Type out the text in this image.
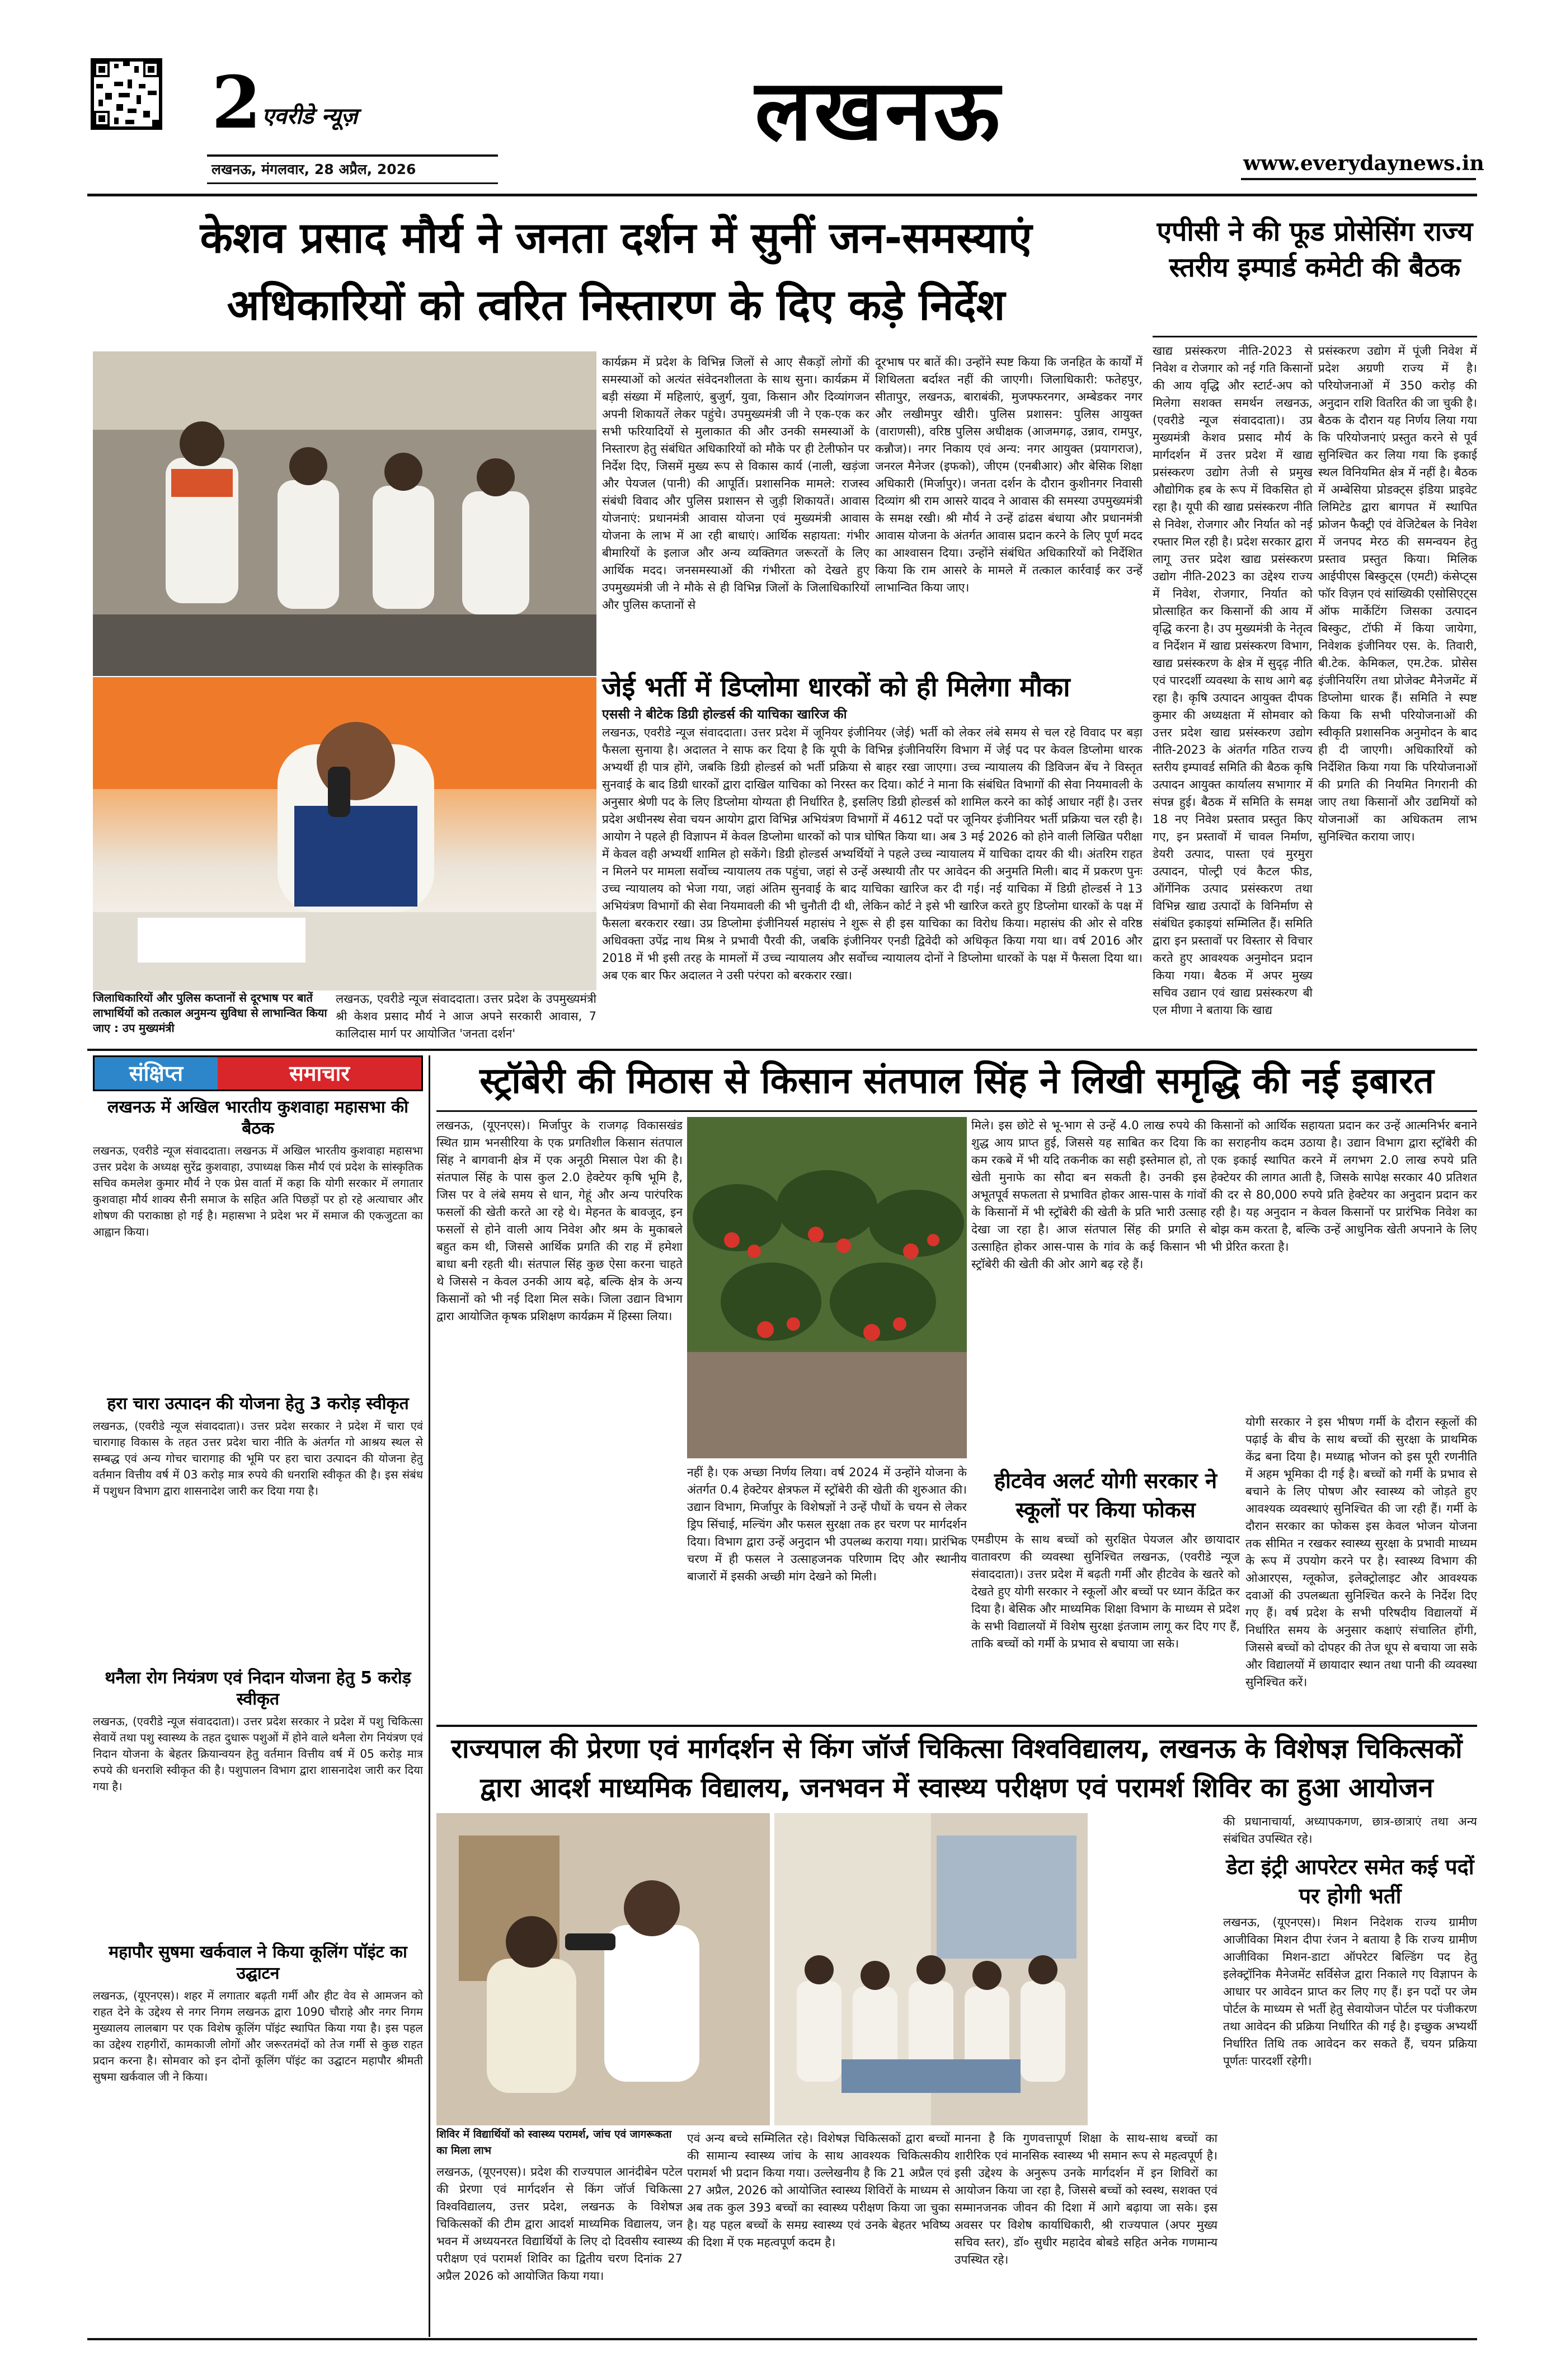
2 एवरीडे न्यूज़
लखनऊ, मंगलवार, 28 अप्रैल, 2026
लखनऊ
www.everydaynews.in
केशव प्रसाद मौर्य ने जनता दर्शन में सुनीं जन-समस्याएं
अधिकारियों को त्वरित निस्तारण के दिए कड़े निर्देश
एपीसी ने की फूड प्रोसेसिंग राज्य स्तरीय इम्पार्ड कमेटी की बैठक
जिलाधिकारियों और पुलिस कप्तानों से दूरभाष पर बातें लाभार्थियों को तत्काल अनुमन्य सुविधा से लाभान्वित किया जाए : उप मुख्यमंत्री
लखनऊ, एवरीडे न्यूज संवाददाता। उत्तर प्रदेश के उपमुख्यमंत्री श्री केशव प्रसाद मौर्य ने आज अपने सरकारी आवास, 7 कालिदास मार्ग पर आयोजित 'जनता दर्शन'
कार्यक्रम में प्रदेश के विभिन्न जिलों से आए सैकड़ों लोगों की समस्याओं को अत्यंत संवेदनशीलता के साथ सुना। कार्यक्रम में बड़ी संख्या में महिलाएं, बुजुर्ग, युवा, किसान और दिव्यांगजन अपनी शिकायतें लेकर पहुंचे। उपमुख्यमंत्री जी ने एक-एक कर सभी फरियादियों से मुलाकात की और उनकी समस्याओं के निस्तारण हेतु संबंधित अधिकारियों को मौके पर ही टेलीफोन पर निर्देश दिए, जिसमें मुख्य रूप से विकास कार्य (नाली, खड़ंजा और पेयजल (पानी) की आपूर्ति। प्रशासनिक मामले: राजस्व संबंधी विवाद और पुलिस प्रशासन से जुड़ी शिकायतें। आवास योजनाएं: प्रधानमंत्री आवास योजना एवं मुख्यमंत्री आवास योजना के लाभ में आ रही बाधाएं। आर्थिक सहायता: गंभीर बीमारियों के इलाज और अन्य व्यक्तिगत जरूरतों के लिए आर्थिक मदद। जनसमस्याओं की गंभीरता को देखते हुए उपमुख्यमंत्री जी ने मौके से ही विभिन्न जिलों के जिलाधिकारियों और पुलिस कप्तानों से
दूरभाष पर बातें की। उन्होंने स्पष्ट किया कि जनहित के कार्यों में शिथिलता बर्दाश्त नहीं की जाएगी। जिलाधिकारी: फतेहपुर, सीतापुर, लखनऊ, बाराबंकी, मुजफ्फरनगर, अम्बेडकर नगर और लखीमपुर खीरी। पुलिस प्रशासन: पुलिस आयुक्त (वाराणसी), वरिष्ठ पुलिस अधीक्षक (आजमगढ़, उन्नाव, रामपुर, कन्नौज)। नगर निकाय एवं अन्य: नगर आयुक्त (प्रयागराज), जनरल मैनेजर (इफको), जीएम (एनबीआर) और बेसिक शिक्षा अधिकारी (मिर्जापुर)। जनता दर्शन के दौरान कुशीनगर निवासी दिव्यांग श्री राम आसरे यादव ने आवास की समस्या उपमुख्यमंत्री के समक्ष रखी। श्री मौर्य ने उन्हें ढांढस बंधाया और प्रधानमंत्री आवास योजना के अंतर्गत आवास प्रदान करने के लिए पूर्ण मदद का आश्वासन दिया। उन्होंने संबंधित अधिकारियों को निर्देशित किया कि राम आसरे के मामले में तत्काल कार्रवाई कर उन्हें लाभान्वित किया जाए।
जेई भर्ती में डिप्लोमा धारकों को ही मिलेगा मौका
एससी ने बीटेक डिग्री होल्डर्स की याचिका खारिज की
लखनऊ, एवरीडे न्यूज संवाददाता। उत्तर प्रदेश में जूनियर इंजीनियर (जेई) भर्ती को लेकर लंबे समय से चल रहे विवाद पर बड़ा फैसला सुनाया है। अदालत ने साफ कर दिया है कि यूपी के विभिन्न इंजीनियरिंग विभाग में जेई पद पर केवल डिप्लोमा धारक अभ्यर्थी ही पात्र होंगे, जबकि डिग्री होल्डर्स को भर्ती प्रक्रिया से बाहर रखा जाएगा। उच्च न्यायालय की डिविजन बेंच ने विस्तृत सुनवाई के बाद डिग्री धारकों द्वारा दाखिल याचिका को निरस्त कर दिया। कोर्ट ने माना कि संबंधित विभागों की सेवा नियमावली के अनुसार श्रेणी पद के लिए डिप्लोमा योग्यता ही निर्धारित है, इसलिए डिग्री होल्डर्स को शामिल करने का कोई आधार नहीं है। उत्तर प्रदेश अधीनस्थ सेवा चयन आयोग द्वारा विभिन्न अभियंत्रण विभागों में 4612 पदों पर जूनियर इंजीनियर भर्ती प्रक्रिया चल रही है। आयोग ने पहले ही विज्ञापन में केवल डिप्लोमा धारकों को पात्र घोषित किया था। अब 3 मई 2026 को होने वाली लिखित परीक्षा में केवल वही अभ्यर्थी शामिल हो सकेंगे। डिग्री होल्डर्स अभ्यर्थियों ने पहले उच्च न्यायालय में याचिका दायर की थी। अंतरिम राहत न मिलने पर मामला सर्वोच्च न्यायालय तक पहुंचा, जहां से उन्हें अस्थायी तौर पर आवेदन की अनुमति मिली। बाद में प्रकरण पुनः उच्च न्यायालय को भेजा गया, जहां अंतिम सुनवाई के बाद याचिका खारिज कर दी गई। नई याचिका में डिग्री होल्डर्स ने 13 अभियंत्रण विभागों की सेवा नियमावली की भी चुनौती दी थी, लेकिन कोर्ट ने इसे भी खारिज करते हुए डिप्लोमा धारकों के पक्ष में फैसला बरकरार रखा। उप्र डिप्लोमा इंजीनियर्स महासंघ ने शुरू से ही इस याचिका का विरोध किया। महासंघ की ओर से वरिष्ठ अधिवक्ता उपेंद्र नाथ मिश्र ने प्रभावी पैरवी की, जबकि इंजीनियर एनडी द्विवेदी को अधिकृत किया गया था। वर्ष 2016 और 2018 में भी इसी तरह के मामलों में उच्च न्यायालय और सर्वोच्च न्यायालय दोनों ने डिप्लोमा धारकों के पक्ष में फैसला दिया था। अब एक बार फिर अदालत ने उसी परंपरा को बरकरार रखा।
खाद्य प्रसंस्करण नीति-2023 से निवेश व रोजगार को नई गति किसानों की आय वृद्धि और स्टार्ट-अप को मिलेगा सशक्त समर्थन लखनऊ, (एवरीडे न्यूज संवाददाता)। उप्र मुख्यमंत्री केशव प्रसाद मौर्य के मार्गदर्शन में उत्तर प्रदेश में खाद्य प्रसंस्करण उद्योग तेजी से प्रमुख औद्योगिक हब के रूप में विकसित हो रहा है। यूपी की खाद्य प्रसंस्करण नीति से निवेश, रोजगार और निर्यात को नई रफ्तार मिल रही है। प्रदेश सरकार द्वारा लागू उत्तर प्रदेश खाद्य प्रसंस्करण उद्योग नीति-2023 का उद्देश्य राज्य में निवेश, रोजगार, निर्यात को प्रोत्साहित कर किसानों की आय में वृद्धि करना है। उप मुख्यमंत्री के नेतृत्व व निर्देशन में खाद्य प्रसंस्करण विभाग, खाद्य प्रसंस्करण के क्षेत्र में सुदृढ़ नीति एवं पारदर्शी व्यवस्था के साथ आगे बढ़ रहा है। कृषि उत्पादन आयुक्त दीपक कुमार की अध्यक्षता में सोमवार को उत्तर प्रदेश खाद्य प्रसंस्करण उद्योग नीति-2023 के अंतर्गत गठित राज्य स्तरीय इम्पावर्ड समिति की बैठक कृषि उत्पादन आयुक्त कार्यालय सभागार में संपन्न हुई। बैठक में समिति के समक्ष 18 नए निवेश प्रस्ताव प्रस्तुत किए गए, इन प्रस्तावों में चावल निर्माण, डेयरी उत्पाद, पास्ता एवं मुरमुरा उत्पादन, पोल्ट्री एवं कैटल फीड, ऑर्गेनिक उत्पाद प्रसंस्करण तथा विभिन्न खाद्य उत्पादों के विनिर्माण से संबंधित इकाइयां सम्मिलित हैं। समिति द्वारा इन प्रस्तावों पर विस्तार से विचार करते हुए आवश्यक अनुमोदन प्रदान किया गया। बैठक में अपर मुख्य सचिव उद्यान एवं खाद्य प्रसंस्करण बी एल मीणा ने बताया कि खाद्य
प्रसंस्करण उद्योग में पूंजी निवेश में प्रदेश अग्रणी राज्य में है। परियोजनाओं में 350 करोड़ की अनुदान राशि वितरित की जा चुकी है। बैठक के दौरान यह निर्णय लिया गया कि परियोजनाएं प्रस्तुत करने से पूर्व सुनिश्चित कर लिया गया कि इकाई स्थल विनियमित क्षेत्र में नहीं है। बैठक में अम्बेसिया प्रोडक्ट्स इंडिया प्राइवेट लिमिटेड द्वारा बागपत में स्थापित फ्रोजन फैक्ट्री एवं वेजिटेबल के निवेश में जनपद मेरठ की समन्वयन हेतु प्रस्ताव प्रस्तुत किया। मिलिक आईपीएस बिस्कुट्स (एमटी) कंसेप्ट्स फॉर विज़न एवं सांख्यिकी एसोसिएट्स ऑफ मार्केटिंग जिसका उत्पादन बिस्कुट, टॉफी में किया जायेगा, निवेशक इंजीनियर एस. के. तिवारी, बी.टेक. केमिकल, एम.टेक. प्रोसेस इंजीनियरिंग तथा प्रोजेक्ट मैनेजमेंट में डिप्लोमा धारक हैं। समिति ने स्पष्ट किया कि सभी परियोजनाओं की स्वीकृति प्रशासनिक अनुमोदन के बाद ही दी जाएगी। अधिकारियों को निर्देशित किया गया कि परियोजनाओं की प्रगति की नियमित निगरानी की जाए तथा किसानों और उद्यमियों को योजनाओं का अधिकतम लाभ सुनिश्चित कराया जाए।
संक्षिप्त	समाचार
लखनऊ में अखिल भारतीय कुशवाहा महासभा की बैठक
लखनऊ, एवरीडे न्यूज संवाददाता। लखनऊ में अखिल भारतीय कुशवाहा महासभा उत्तर प्रदेश के अध्यक्ष सुरेंद्र कुशवाहा, उपाध्यक्ष किस मौर्य एवं प्रदेश के सांस्कृतिक सचिव कमलेश कुमार मौर्य ने एक प्रेस वार्ता में कहा कि योगी सरकार में लगातार कुशवाहा मौर्य शाक्य सैनी समाज के सहित अति पिछड़ों पर हो रहे अत्याचार और शोषण की पराकाष्ठा हो गई है। महासभा ने प्रदेश भर में समाज की एकजुटता का आह्वान किया।
हरा चारा उत्पादन की योजना हेतु 3 करोड़ स्वीकृत
लखनऊ, (एवरीडे न्यूज संवाददाता)। उत्तर प्रदेश सरकार ने प्रदेश में चारा एवं चारागाह विकास के तहत उत्तर प्रदेश चारा नीति के अंतर्गत गो आश्रय स्थल से सम्बद्ध एवं अन्य गोचर चारागाह की भूमि पर हरा चारा उत्पादन की योजना हेतु वर्तमान वित्तीय वर्ष में 03 करोड़ मात्र रुपये की धनराशि स्वीकृत की है। इस संबंध में पशुधन विभाग द्वारा शासनादेश जारी कर दिया गया है।
थनैला रोग नियंत्रण एवं निदान योजना हेतु 5 करोड़ स्वीकृत
लखनऊ, (एवरीडे न्यूज संवाददाता)। उत्तर प्रदेश सरकार ने प्रदेश में पशु चिकित्सा सेवायें तथा पशु स्वास्थ्य के तहत दुधारू पशुओं में होने वाले थनैला रोग नियंत्रण एवं निदान योजना के बेहतर क्रियान्वयन हेतु वर्तमान वित्तीय वर्ष में 05 करोड़ मात्र रुपये की धनराशि स्वीकृत की है। पशुपालन विभाग द्वारा शासनादेश जारी कर दिया गया है।
महापौर सुषमा खर्कवाल ने किया कूलिंग पॉइंट का उद्घाटन
लखनऊ, (यूएनएस)। शहर में लगातार बढ़ती गर्मी और हीट वेव से आमजन को राहत देने के उद्देश्य से नगर निगम लखनऊ द्वारा 1090 चौराहे और नगर निगम मुख्यालय लालबाग पर एक विशेष कूलिंग पॉइंट स्थापित किया गया है। इस पहल का उद्देश्य राहगीरों, कामकाजी लोगों और जरूरतमंदों को तेज गर्मी से कुछ राहत प्रदान करना है। सोमवार को इन दोनों कूलिंग पॉइंट का उद्घाटन महापौर श्रीमती सुषमा खर्कवाल जी ने किया।
स्ट्रॉबेरी की मिठास से किसान संतपाल सिंह ने लिखी समृद्धि की नई इबारत
लखनऊ, (यूएनएस)। मिर्जापुर के राजगढ़ विकासखंड स्थित ग्राम भनसीरिया के एक प्रगतिशील किसान संतपाल सिंह ने बागवानी क्षेत्र में एक अनूठी मिसाल पेश की है। संतपाल सिंह के पास कुल 2.0 हेक्टेयर कृषि भूमि है, जिस पर वे लंबे समय से धान, गेहूं और अन्य पारंपरिक फसलों की खेती करते आ रहे थे। मेहनत के बावजूद, इन फसलों से होने वाली आय निवेश और श्रम के मुकाबले बहुत कम थी, जिससे आर्थिक प्रगति की राह में हमेशा बाधा बनी रहती थी। संतपाल सिंह कुछ ऐसा करना चाहते थे जिससे न केवल उनकी आय बढ़े, बल्कि क्षेत्र के अन्य किसानों को भी नई दिशा मिल सके। जिला उद्यान विभाग द्वारा आयोजित कृषक प्रशिक्षण कार्यक्रम में हिस्सा लिया।
नहीं है। एक अच्छा निर्णय लिया। वर्ष 2024 में उन्होंने योजना के अंतर्गत 0.4 हेक्टेयर क्षेत्रफल में स्ट्रॉबेरी की खेती की शुरुआत की। उद्यान विभाग, मिर्जापुर के विशेषज्ञों ने उन्हें पौधों के चयन से लेकर ड्रिप सिंचाई, मल्चिंग और फसल सुरक्षा तक हर चरण पर मार्गदर्शन दिया। विभाग द्वारा उन्हें अनुदान भी उपलब्ध कराया गया। प्रारंभिक चरण में ही फसल ने उत्साहजनक परिणाम दिए और स्थानीय बाजारों में इसकी अच्छी मांग देखने को मिली।
मिले। इस छोटे से भू-भाग से उन्हें 4.0 लाख रुपये की शुद्ध आय प्राप्त हुई, जिससे यह साबित कर दिया कि कम रकबे में भी यदि तकनीक का सही इस्तेमाल हो, तो खेती मुनाफे का सौदा बन सकती है। उनकी इस अभूतपूर्व सफलता से प्रभावित होकर आस-पास के गांवों के किसानों में भी स्ट्रॉबेरी की खेती के प्रति भारी उत्साह देखा जा रहा है। आज संतपाल सिंह की प्रगति से उत्साहित होकर आस-पास के गांव के कई किसान भी स्ट्रॉबेरी की खेती की ओर आगे बढ़ रहे हैं।
किसानों को आर्थिक सहायता प्रदान कर उन्हें आत्मनिर्भर बनाने का सराहनीय कदम उठाया है। उद्यान विभाग द्वारा स्ट्रॉबेरी की एक इकाई स्थापित करने में लगभग 2.0 लाख रुपये प्रति हेक्टेयर की लागत आती है, जिसके सापेक्ष सरकार 40 प्रतिशत की दर से 80,000 रुपये प्रति हेक्टेयर का अनुदान प्रदान कर रही है। यह अनुदान न केवल किसानों पर प्रारंभिक निवेश का बोझ कम करता है, बल्कि उन्हें आधुनिक खेती अपनाने के लिए भी प्रेरित करता है।
हीटवेव अलर्ट योगी सरकार ने स्कूलों पर किया फोकस
एमडीएम के साथ बच्चों को सुरक्षित पेयजल और छायादार वातावरण की व्यवस्था सुनिश्चित लखनऊ, (एवरीडे न्यूज संवाददाता)। उत्तर प्रदेश में बढ़ती गर्मी और हीटवेव के खतरे को देखते हुए योगी सरकार ने स्कूलों और बच्चों पर ध्यान केंद्रित कर दिया है। बेसिक और माध्यमिक शिक्षा विभाग के माध्यम से प्रदेश के सभी विद्यालयों में विशेष सुरक्षा इंतजाम लागू कर दिए गए हैं, ताकि बच्चों को गर्मी के प्रभाव से बचाया जा सके।
योगी सरकार ने इस भीषण गर्मी के दौरान स्कूलों की पढ़ाई के बीच के साथ बच्चों की सुरक्षा के प्राथमिक केंद्र बना दिया है। मध्याह्न भोजन को इस पूरी रणनीति में अहम भूमिका दी गई है। बच्चों को गर्मी के प्रभाव से बचाने के लिए पोषण और स्वास्थ्य को जोड़ते हुए आवश्यक व्यवस्थाएं सुनिश्चित की जा रही हैं। गर्मी के दौरान सरकार का फोकस इस केवल भोजन योजना तक सीमित न रखकर स्वास्थ्य सुरक्षा के प्रभावी माध्यम के रूप में उपयोग करने पर है। स्वास्थ्य विभाग की ओआरएस, ग्लूकोज, इलेक्ट्रोलाइट और आवश्यक दवाओं की उपलब्धता सुनिश्चित करने के निर्देश दिए गए हैं। वर्ष प्रदेश के सभी परिषदीय विद्यालयों में निर्धारित समय के अनुसार कक्षाएं संचालित होंगी, जिससे बच्चों को दोपहर की तेज धूप से बचाया जा सके और विद्यालयों में छायादार स्थान तथा पानी की व्यवस्था सुनिश्चित करें।
राज्यपाल की प्रेरणा एवं मार्गदर्शन से किंग जॉर्ज चिकित्सा विश्वविद्यालय, लखनऊ के विशेषज्ञ चिकित्सकों
द्वारा आदर्श माध्यमिक विद्यालय, जनभवन में स्वास्थ्य परीक्षण एवं परामर्श शिविर का हुआ आयोजन
शिविर में विद्यार्थियों को स्वास्थ्य परामर्श, जांच एवं जागरूकता का मिला लाभ
लखनऊ, (यूएनएस)। प्रदेश की राज्यपाल आनंदीबेन पटेल की प्रेरणा एवं मार्गदर्शन से किंग जॉर्ज चिकित्सा विश्वविद्यालय, उत्तर प्रदेश, लखनऊ के विशेषज्ञ चिकित्सकों की टीम द्वारा आदर्श माध्यमिक विद्यालय, जन भवन में अध्ययनरत विद्यार्थियों के लिए दो दिवसीय स्वास्थ्य परीक्षण एवं परामर्श शिविर का द्वितीय चरण दिनांक 27 अप्रैल 2026 को आयोजित किया गया।
एवं अन्य बच्चे सम्मिलित रहे। विशेषज्ञ चिकित्सकों द्वारा बच्चों की सामान्य स्वास्थ्य जांच के साथ आवश्यक चिकित्सकीय परामर्श भी प्रदान किया गया। उल्लेखनीय है कि 21 अप्रैल एवं 27 अप्रैल, 2026 को आयोजित स्वास्थ्य शिविरों के माध्यम से अब तक कुल 393 बच्चों का स्वास्थ्य परीक्षण किया जा चुका है। यह पहल बच्चों के समग्र स्वास्थ्य एवं उनके बेहतर भविष्य की दिशा में एक महत्वपूर्ण कदम है।
मानना है कि गुणवत्तापूर्ण शिक्षा के साथ-साथ बच्चों का शारीरिक एवं मानसिक स्वास्थ्य भी समान रूप से महत्वपूर्ण है। इसी उद्देश्य के अनुरूप उनके मार्गदर्शन में इन शिविरों का आयोजन किया जा रहा है, जिससे बच्चों को स्वस्थ, सशक्त एवं सम्मानजनक जीवन की दिशा में आगे बढ़ाया जा सके। इस अवसर पर विशेष कार्याधिकारी, श्री राज्यपाल (अपर मुख्य सचिव स्तर), डॉ० सुधीर महादेव बोबडे सहित अनेक गणमान्य उपस्थित रहे।
की प्रधानाचार्या, अध्यापकगण, छात्र-छात्राएं तथा अन्य संबंधित उपस्थित रहे।
डेटा इंट्री आपरेटर समेत कई पदों पर होगी भर्ती
लखनऊ, (यूएनएस)। मिशन निदेशक राज्य ग्रामीण आजीविका मिशन दीपा रंजन ने बताया है कि राज्य ग्रामीण आजीविका मिशन-डाटा ऑपरेटर बिल्डिंग पद हेतु इलेक्ट्रॉनिक मैनेजमेंट सर्विसेज द्वारा निकाले गए विज्ञापन के आधार पर आवेदन प्राप्त कर लिए गए हैं। इन पदों पर जेम पोर्टल के माध्यम से भर्ती हेतु सेवायोजन पोर्टल पर पंजीकरण तथा आवेदन की प्रक्रिया निर्धारित की गई है। इच्छुक अभ्यर्थी निर्धारित तिथि तक आवेदन कर सकते हैं, चयन प्रक्रिया पूर्णतः पारदर्शी रहेगी।
